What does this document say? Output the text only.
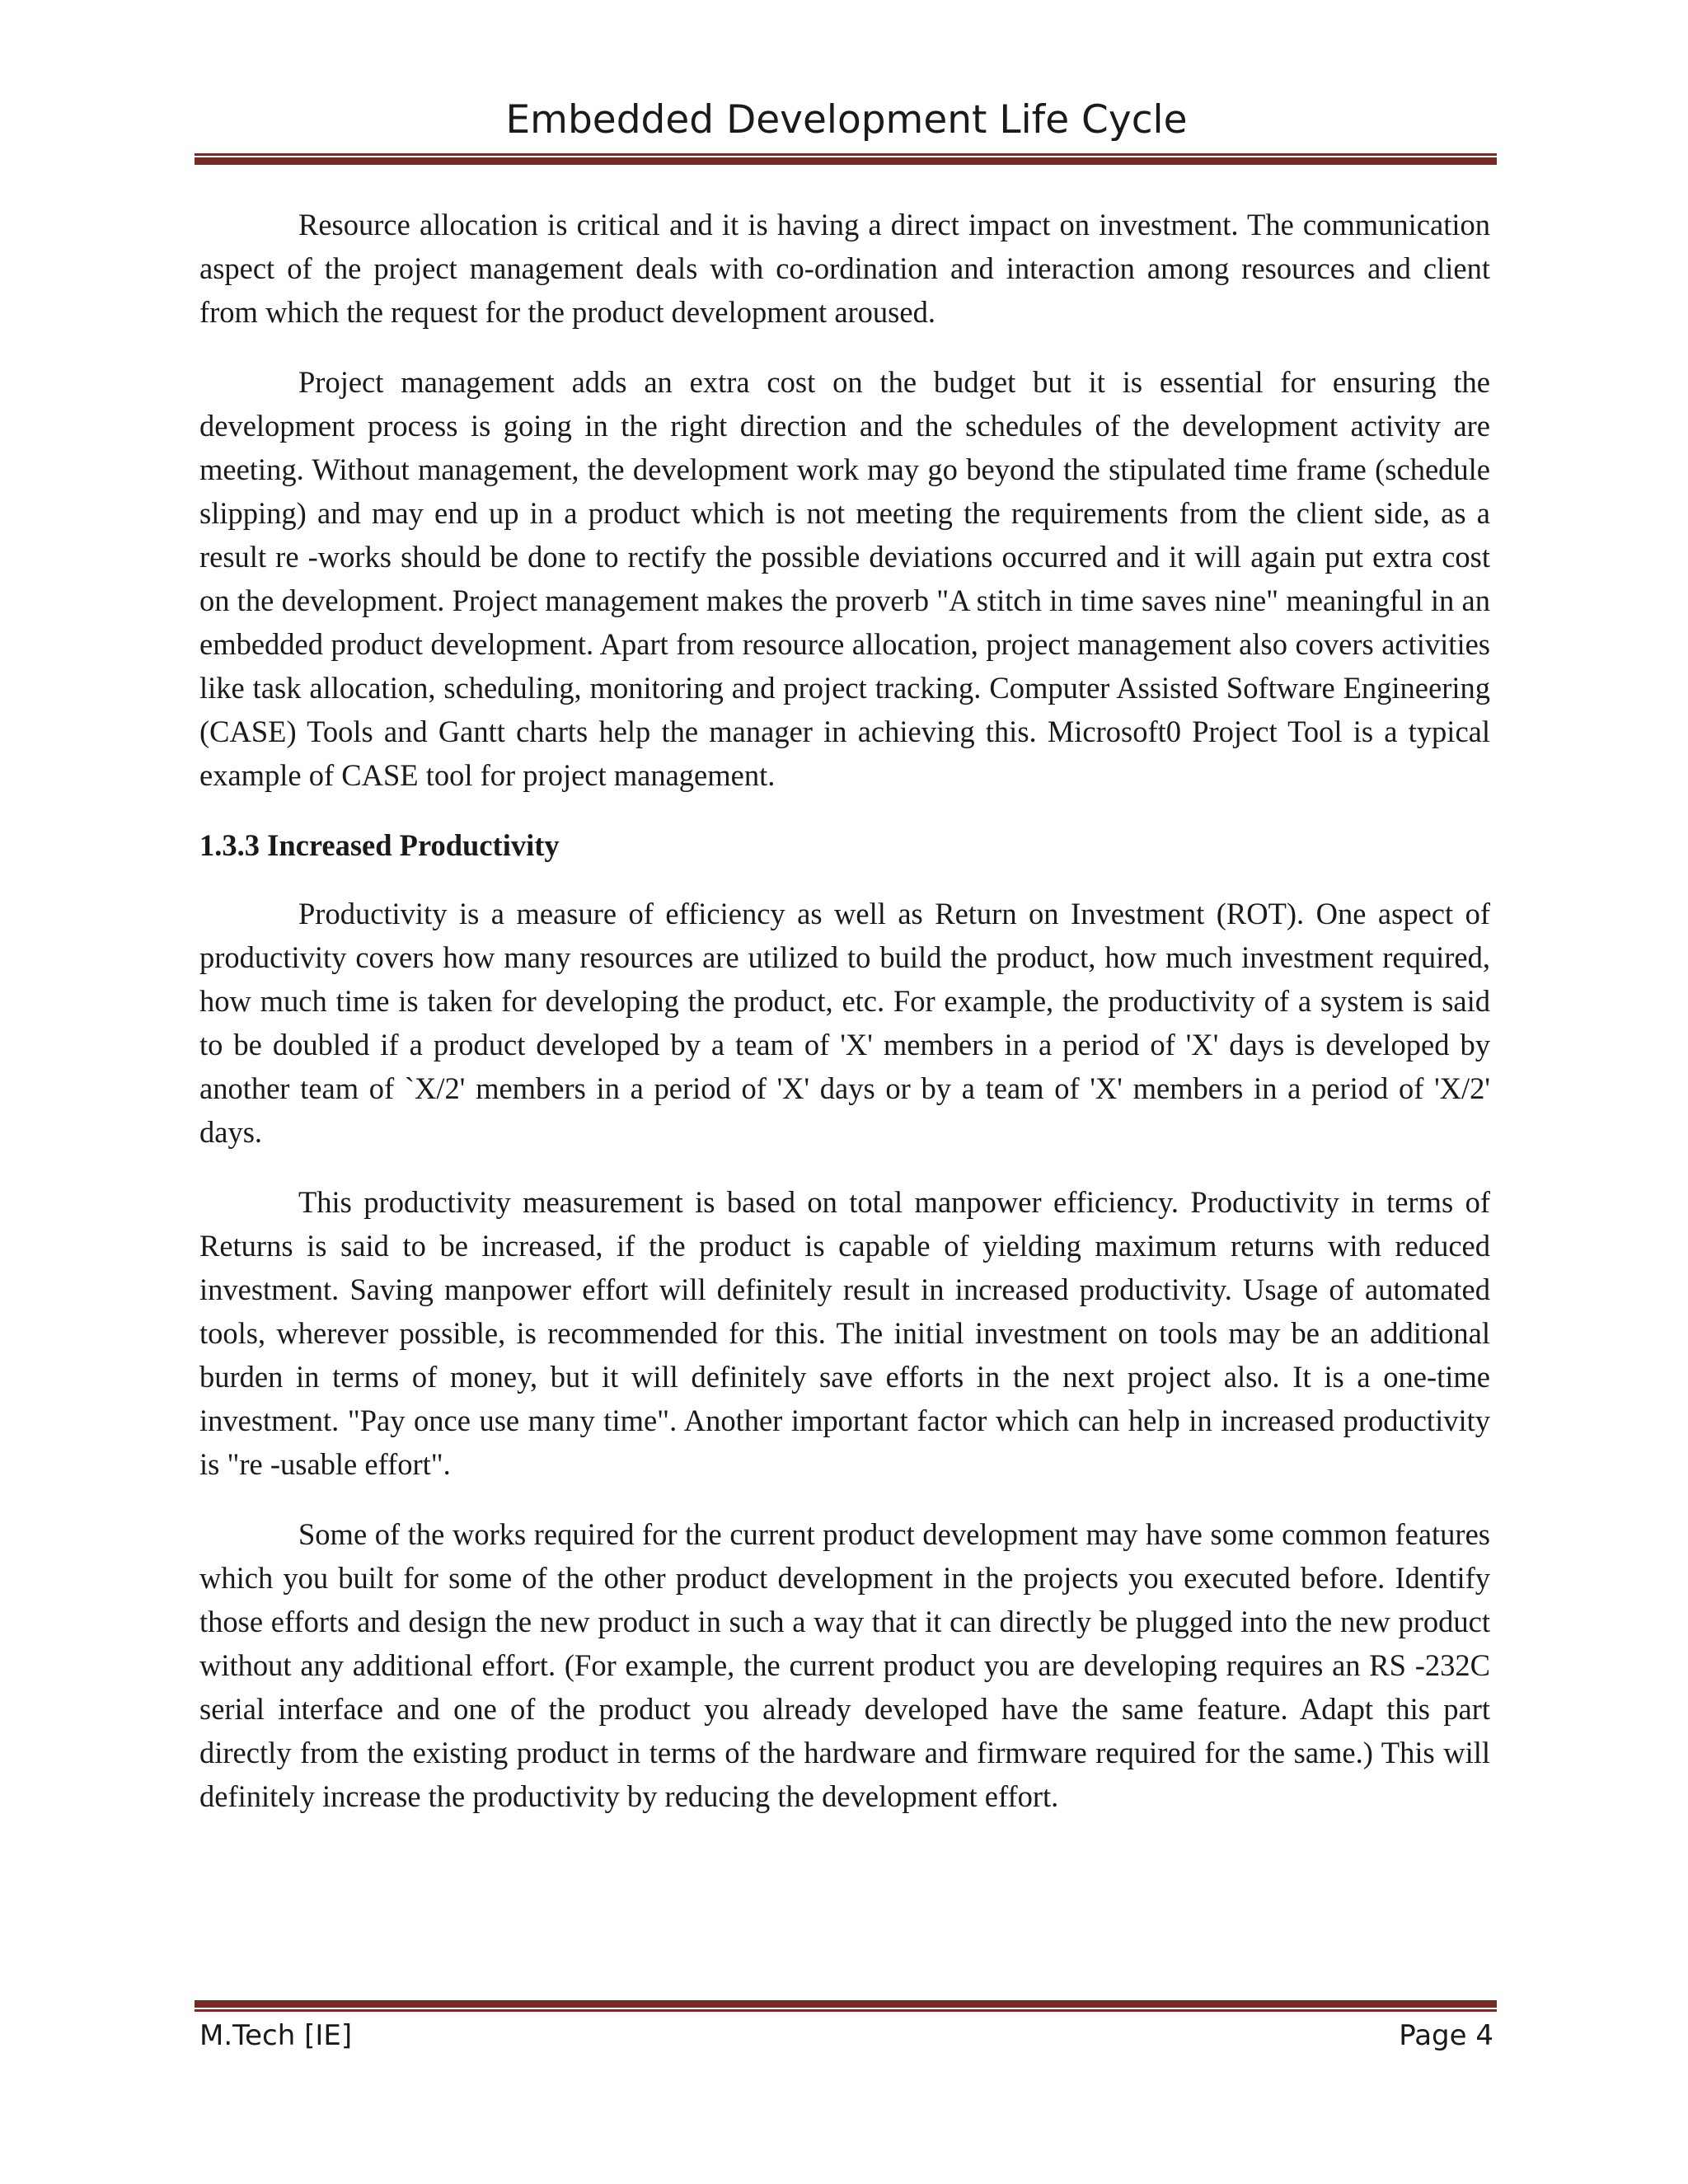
Embedded Development Life Cycle

Resource allocation is critical and it is having a direct impact on investment. The communication aspect of the project management deals with co-ordination and interaction among resources and client from which the request for the product development aroused.

Project management adds an extra cost on the budget but it is essential for ensuring the development process is going in the right direction and the schedules of the development activity are meeting. Without management, the development work may go beyond the stipulated time frame (schedule slipping) and may end up in a product which is not meeting the requirements from the client side, as a result re -works should be done to rectify the possible deviations occurred and it will again put extra cost on the development. Project management makes the proverb "A stitch in time saves nine" meaningful in an embedded product development. Apart from resource allocation, project management also covers activities like task allocation, scheduling, monitoring and project tracking. Computer Assisted Software Engineering (CASE) Tools and Gantt charts help the manager in achieving this. Microsoft0 Project Tool is a typical example of CASE tool for project management.

1.3.3 Increased Productivity

Productivity is a measure of efficiency as well as Return on Investment (ROT). One aspect of productivity covers how many resources are utilized to build the product, how much investment required, how much time is taken for developing the product, etc. For example, the productivity of a system is said to be doubled if a product developed by a team of 'X' members in a period of 'X' days is developed by another team of `X/2' members in a period of 'X' days or by a team of 'X' members in a period of 'X/2' days.

This productivity measurement is based on total manpower efficiency. Productivity in terms of Returns is said to be increased, if the product is capable of yielding maximum returns with reduced investment. Saving manpower effort will definitely result in increased productivity. Usage of automated tools, wherever possible, is recommended for this. The initial investment on tools may be an additional burden in terms of money, but it will definitely save efforts in the next project also. It is a one-time investment. "Pay once use many time". Another important factor which can help in increased productivity is "re -usable effort".

Some of the works required for the current product development may have some common features which you built for some of the other product development in the projects you executed before. Identify those efforts and design the new product in such a way that it can directly be plugged into the new product without any additional effort. (For example, the current product you are developing requires an RS -232C serial interface and one of the product you already developed have the same feature. Adapt this part directly from the existing product in terms of the hardware and firmware required for the same.) This will definitely increase the productivity by reducing the development effort.

M.Tech [IE]	Page 4
